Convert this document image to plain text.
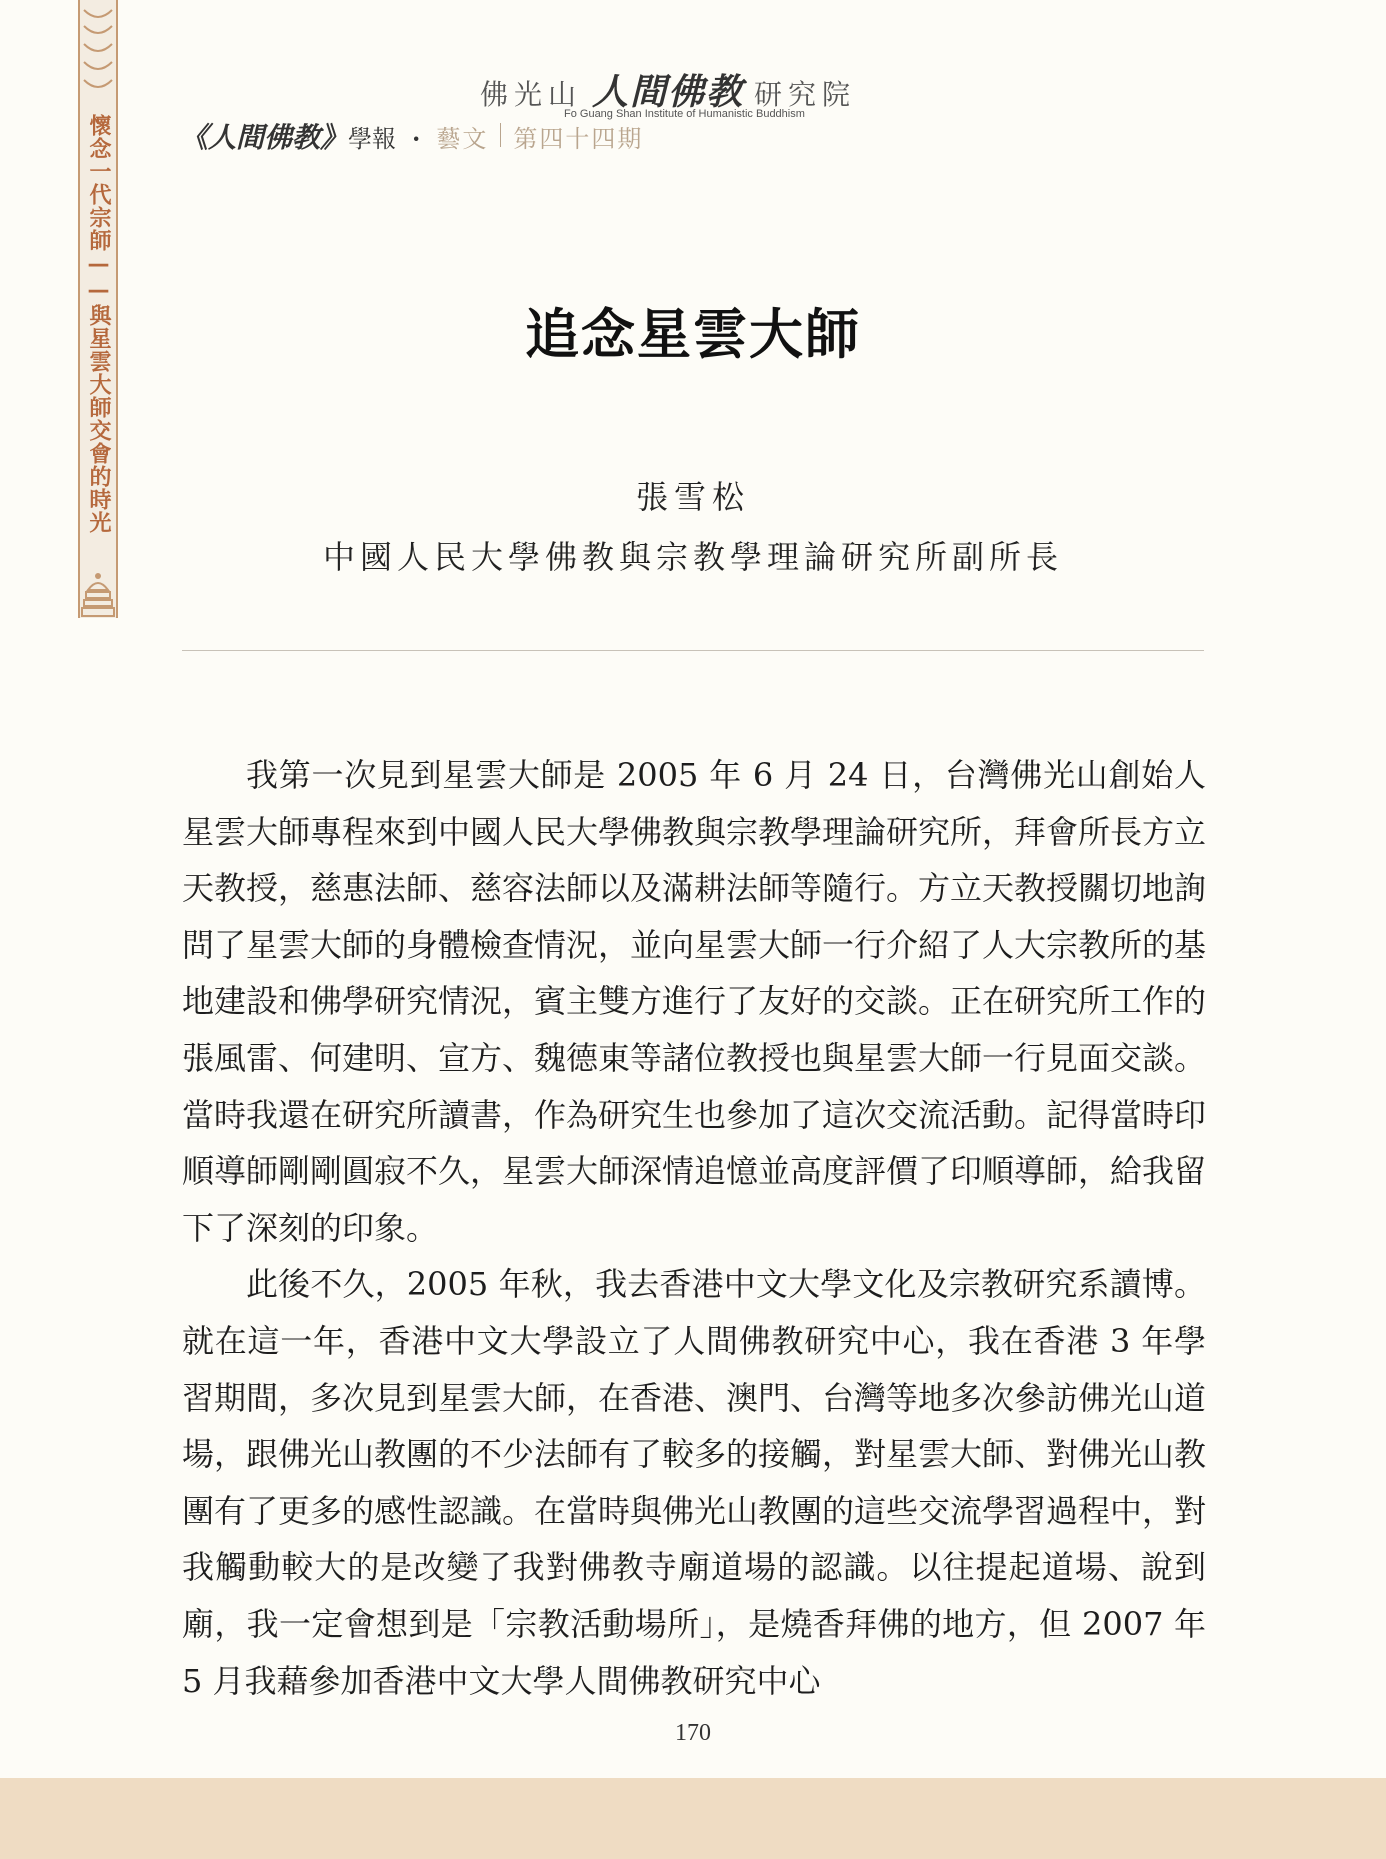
懷念一代宗師——與星雲大師交會的時光
佛光山 人間佛教 研究院
Fo Guang Shan Institute of Humanistic Buddhism
《人間佛教》 學報 · 藝文 第四十四期
追念星雲大師
張雪松
中國人民大學佛教與宗教學理論研究所副所長

我第一次見到星雲大師是 2005 年 6 月 24 日，台灣佛光山創始人星雲大師專程來到中國人民大學佛教與宗教學理論研究所，拜會所長方立天教授，慈惠法師、慈容法師以及滿耕法師等隨行。方立天教授關切地詢問了星雲大師的身體檢查情況，並向星雲大師一行介紹了人大宗教所的基地建設和佛學研究情況，賓主雙方進行了友好的交談。正在研究所工作的張風雷、何建明、宣方、魏德東等諸位教授也與星雲大師一行見面交談。當時我還在研究所讀書，作為研究生也參加了這次交流活動。記得當時印順導師剛剛圓寂不久，星雲大師深情追憶並高度評價了印順導師，給我留下了深刻的印象。

此後不久，2005 年秋，我去香港中文大學文化及宗教研究系讀博。就在這一年，香港中文大學設立了人間佛教研究中心，我在香港 3 年學習期間，多次見到星雲大師，在香港、澳門、台灣等地多次參訪佛光山道場，跟佛光山教團的不少法師有了較多的接觸，對星雲大師、對佛光山教團有了更多的感性認識。在當時與佛光山教團的這些交流學習過程中，對我觸動較大的是改變了我對佛教寺廟道場的認識。以往提起道場、說到廟，我一定會想到是「宗教活動場所」，是燒香拜佛的地方，但 2007 年 5 月我藉參加香港中文大學人間佛教研究中心

170
